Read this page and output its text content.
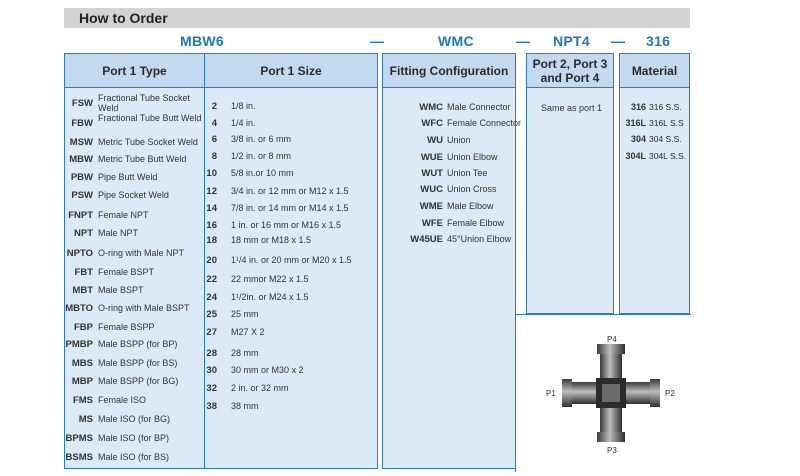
How to Order
MBW6	—	WMC	— NPT4 — 316
Port 1 Type
FSW Fractional Tube Socket Weld
FBW Fractional Tube Butt Weld
MSW Metric Tube Socket Weld
MBW Metric Tube Butt Weld
PBW Pipe Butt Weld
PSW Pipe Socket Weld
FNPT Female NPT
NPT Male NPT
NPTO O-ring with Male NPT
FBT Female BSPT
MBT Male BSPT
MBTO O-ring with Male BSPT
FBP Female BSPP
PMBP Male BSPP (for BP)
MBS Male BSPP (for BS)
MBP Male BSPP (for BG)
FMS Female ISO
MS Male ISO (for BG)
BPMS Male ISO (for BP)
BSMS Male ISO (for BS)
Port 1 Size
2 1/8 in.
4 1/4 in.
6 3/8 in. or 6 mm
8 1/2 in. or 8 mm
10 5/8 in.or 10 mm
12 3/4 in. or 12 mm or M12 x 1.5
14 7/8 in. or 14 mm or M14 x 1.5
16 1 in. or 16 mm or M16 x 1.5
18 18 mm or M18 x 1.5
20 1¹/4 in. or 20 mm or M20 x 1.5
22 22 mmor M22 x 1.5
24 1¹/2in. or M24 x 1.5
25 25 mm
27 M27 X 2
28 28 mm
30 30 mm or M30 x 2
32 2 in. or 32 mm
38 38 mm
Fitting Configuration
WMC Male Connector
WFC Female Connector
WU Union
WUE Union Elbow
WUT Union Tee
WUC Union Cross
WME Male Elbow
WFE Female Elbow
W45UE 45°Union Elbow
Port 2, Port 3
and Port 4
Same as port 1
Material
316 316 S.S.
316L 316L S.S
304 304 S.S.
304L 304L S.S.
P4
P1	P2
P3
